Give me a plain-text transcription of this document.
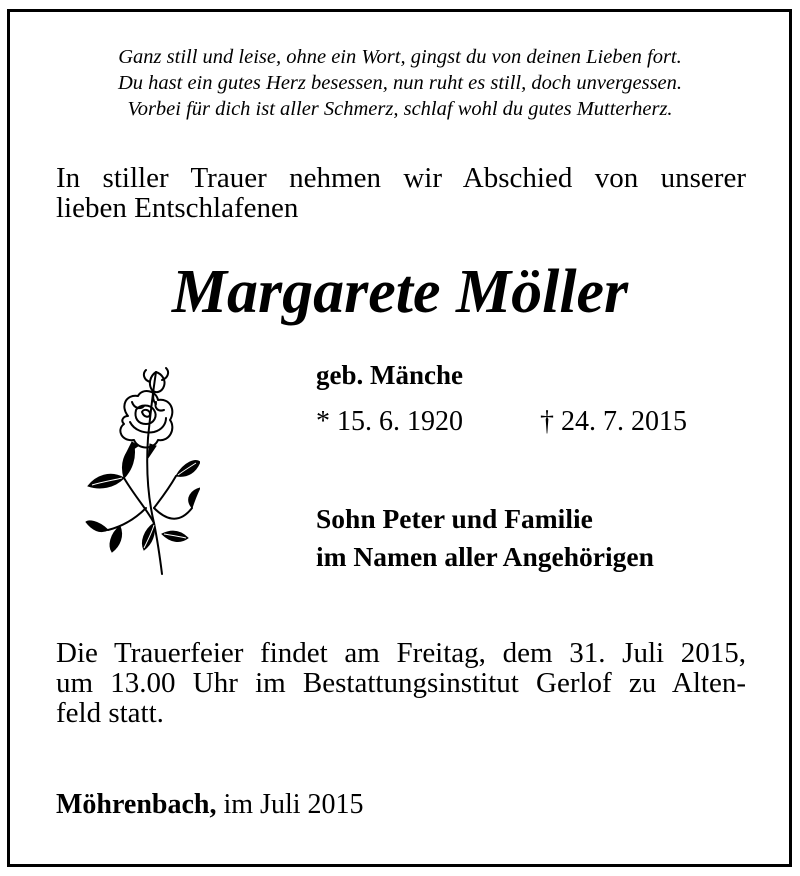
Ganz still und leise, ohne ein Wort, gingst du von deinen Lieben fort.
Du hast ein gutes Herz besessen, nun ruht es still, doch unvergessen.
Vorbei für dich ist aller Schmerz, schlaf wohl du gutes Mutterherz.
In stiller Trauer nehmen wir Abschied von unserer
lieben Entschlafenen
Margarete Möller
geb. Mänche
* 15. 6. 1920	† 24. 7. 2015
Sohn Peter und Familie
im Namen aller Angehörigen
Die Trauerfeier findet am Freitag, dem 31. Juli 2015,
um 13.00 Uhr im Bestattungsinstitut Gerlof zu Alten-
feld statt.
Möhrenbach, im Juli 2015
